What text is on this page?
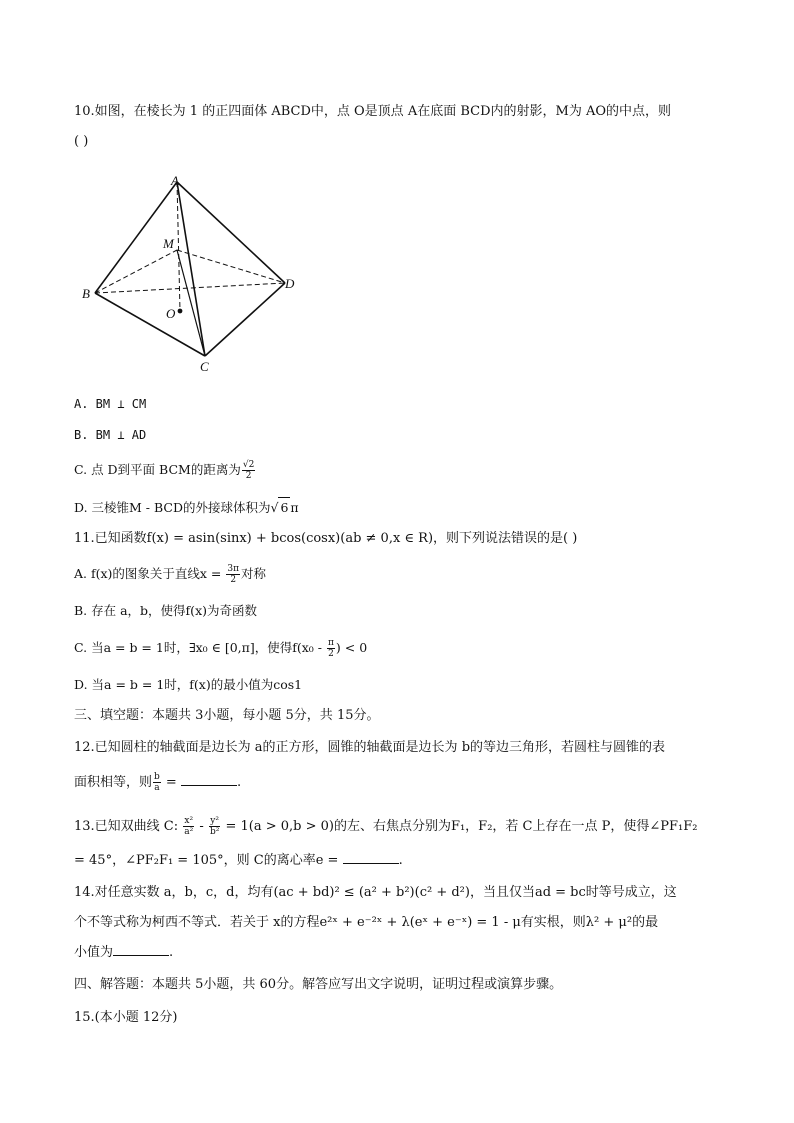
10.如图，在棱长为 1 的正四面体 ABCD中，点 O是顶点 A在底面 BCD内的射影，M为 AO的中点，则
( )
A
M
B
D
O
C
A. BM ⊥ CM
B. BM ⊥ AD
C. 点 D到平面 BCM的距离为 $\frac{√2}{2}$
D. 三棱锥M - BCD的外接球体积为√ 6 π
11.已知函数f(x) = asin(sinx) + bcos(cosx)(ab ≠ 0,x ∈ R)，则下列说法错误的是( )
A. f(x)的图象关于直线$x = \frac{3\pi}{2}$ 对称
B. 存在 a，b，使得f(x)为奇函数
C. 当a = b = 1时，∃x₀ ∈ [0,π]，使得$f(x_0 - \frac{\pi}{2}$ ) < 0
D. 当a = b = 1时，f(x)的最小值为cos1
三、填空题：本题共 3小题，每小题 5分，共 15分。
12.已知圆柱的轴截面是边长为 a的正方形，圆锥的轴截面是边长为 b的等边三角形，若圆柱与圆锥的表
面积相等，则 $\frac{b}{a}$ =	.
13.已知双曲线 C: $\frac{\text{x²}}{\text{a²}} - \frac{\text{y²}}{\text{b²}} = 1(a > 0,b > 0)$的左、右焦点分别为F₁，F₂，若 C上存在一点 P，使得∠PF₁F₂
= 45°，∠PF₂F₁ = 105°，则 C的离心率e =	.
14.对任意实数 a，b，c，d，均有(ac + bd)² ≤ (a² + b²)(c² + d²)，当且仅当ad = bc时等号成立，这
个不等式称为柯西不等式．若关于 x的方程e²ˣ + e⁻²ˣ + λ(eˣ + e⁻ˣ) = 1 - μ有实根，则λ² + μ²的最
小值为	.
四、解答题：本题共 5小题，共 60分。解答应写出文字说明，证明过程或演算步骤。
15.(本小题 12分)
